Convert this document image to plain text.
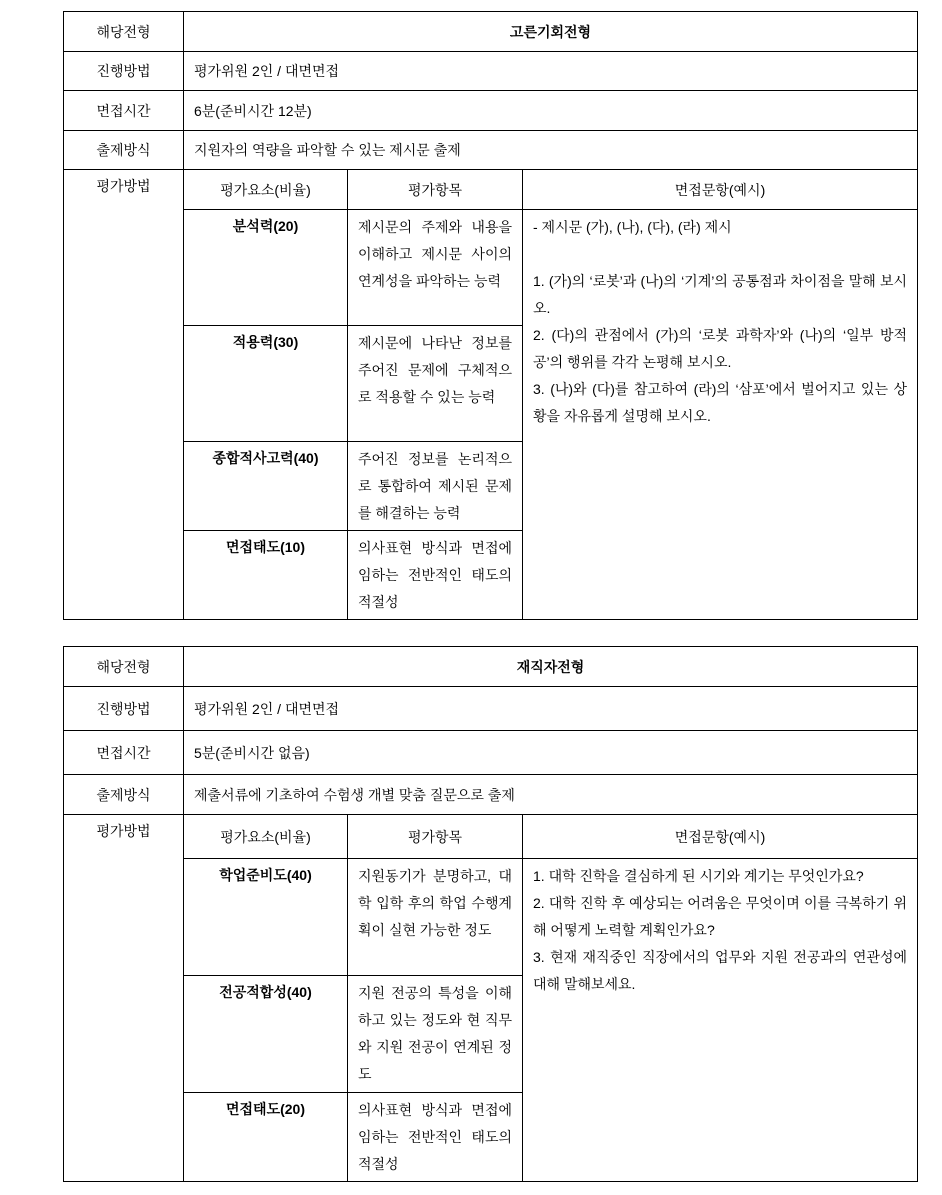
해당전형	고른기회전형		
진행방법	평가위원 2인 / 대면면접		
면접시간	6분(준비시간 12분)		
출제방식	지원자의 역량을 파악할 수 있는 제시문 출제		
평가방법	평가요소(비율)	평가항목	면접문항(예시)
	분석력(20)	제시문의 주제와 내용을 이해하고 제시문 사이의 연계성을 파악하는 능력	- 제시문 (가), (나), (다), (라) 제시
1. (가)의 ‘로봇’과 (나)의 ‘기계’의 공통점과 차이점을 말해 보시오.
2. (다)의 관점에서 (가)의 ‘로봇 과학자’와 (나)의 ‘일부 방적공’의 행위를 각각 논평해 보시오.
3. (나)와 (다)를 참고하여 (라)의 ‘삼포’에서 벌어지고 있는 상황을 자유롭게 설명해 보시오.

	적용력(30)	제시문에 나타난 정보를 주어진 문제에 구체적으로 적용할 수 있는 능력	
	종합적사고력(40)	주어진 정보를 논리적으로 통합하여 제시된 문제를 해결하는 능력	
	면접태도(10)	의사표현 방식과 면접에 임하는 전반적인 태도의 적절성	
해당전형	재직자전형		
진행방법	평가위원 2인 / 대면면접		
면접시간	5분(준비시간 없음)		
출제방식	제출서류에 기초하여 수험생 개별 맞춤 질문으로 출제		
평가방법	평가요소(비율)	평가항목	면접문항(예시)
	학업준비도(40)	지원동기가 분명하고, 대학 입학 후의 학업 수행계획이 실현 가능한 정도	1. 대학 진학을 결심하게 된 시기와 계기는 무엇인가요?
2. 대학 진학 후 예상되는 어려움은 무엇이며 이를 극복하기 위해 어떻게 노력할 계획인가요?
3. 현재 재직중인 직장에서의 업무와 지원 전공과의 연관성에 대해 말해보세요.

	전공적합성(40)	지원 전공의 특성을 이해하고 있는 정도와 현 직무와 지원 전공이 연계된 정도	
	면접태도(20)	의사표현 방식과 면접에 임하는 전반적인 태도의 적절성	
